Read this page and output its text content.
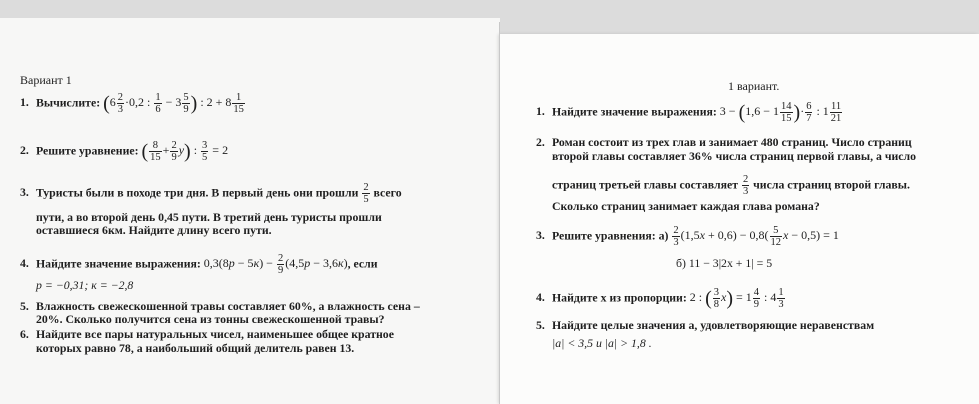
Вариант 1
1. Вычислите: ($6 \frac{2}{3} \cdot 0,2$ : $\frac{1}{6} - 3 \frac{5}{9}$ ) : $2 + 8 \frac{1}{15}$
2. Решите уравнение: ( $\frac{8}{15} + \frac{2}{9} y$) : $\frac{3}{5} = 2$
3. Туристы были в походе три дня. В первый день они прошли $\frac{2}{5}$ всего
пути, а во второй день 0,45 пути. В третий день туристы прошли
оставшиеся 6км. Найдите длину всего пути.
4. Найдите значение выражения: $0,3(8p - 5к) - \frac{2}{9} (4,5p - 3,6к)$, если
p = −0,31; к = −2,8
5. Влажность свежескошенной травы составляет 60%, а влажность сена –
20%. Сколько получится сена из тонны свежескошенной травы?
6. Найдите все пары натуральных чисел, наименьшее общее кратное
которых равно 78, а наибольший общий делитель равен 13.
1 вариант.
1. Найдите значение выражения: $3 - (1,6 - 1 \frac{14}{15}$ )· $\frac{6}{7}$ : $1 \frac{11}{21}$
2. Роман состоит из трех глав и занимает 480 страниц. Число страниц
второй главы составляет 36% числа страниц первой главы, а число
страниц третьей главы составляет $\frac{2}{3}$ числа страниц второй главы.
Сколько страниц занимает каждая глава романа?
3. Решите уравнения: $а) \frac{2}{3} (1,5x + 0,6) - 0,8( \frac{5}{12}$ x − 0,5) = 1
б) 11 − 3|2x + 1| = 5
4. Найдите х из пропорции: 2 : ( $\frac{3}{8} x) = 1 \frac{4}{9}$ : $4 \frac{1}{3}$
5. Найдите целые значения а, удовлетворяющие неравенствам
|а| < 3,5 и |а| > 1,8 .
